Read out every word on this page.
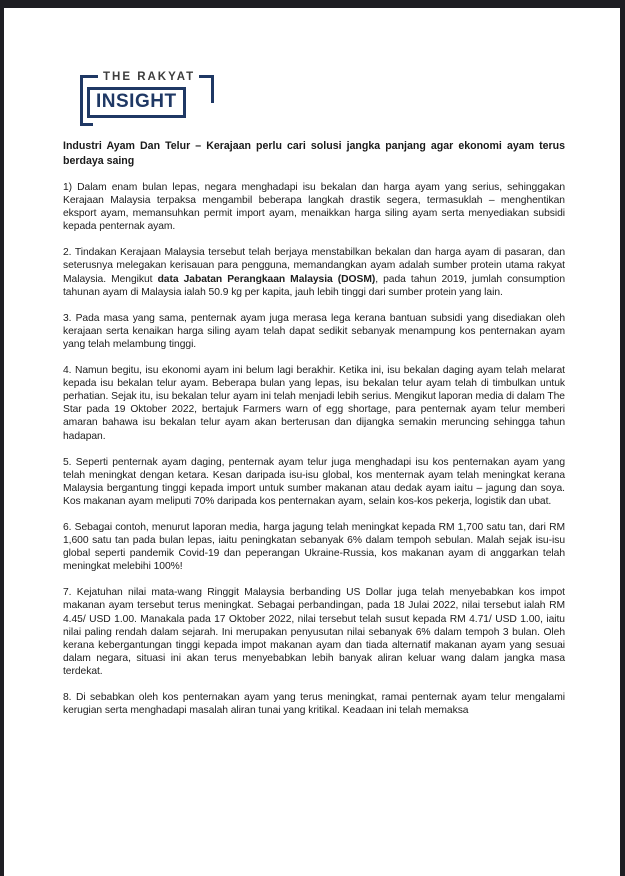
THE RAKYAT
INSIGHT
Industri Ayam Dan Telur – Kerajaan perlu cari solusi jangka panjang agar ekonomi ayam terus berdaya saing

1) Dalam enam bulan lepas, negara menghadapi isu bekalan dan harga ayam yang serius, sehinggakan Kerajaan Malaysia terpaksa mengambil beberapa langkah drastik segera, termasuklah – menghentikan eksport ayam, memansuhkan permit import ayam, menaikkan harga siling ayam serta menyediakan subsidi kepada penternak ayam.

2. Tindakan Kerajaan Malaysia tersebut telah berjaya menstabilkan bekalan dan harga ayam di pasaran, dan seterusnya melegakan kerisauan para pengguna, memandangkan ayam adalah sumber protein utama rakyat Malaysia. Mengikut data Jabatan Perangkaan Malaysia (DOSM), pada tahun 2019, jumlah consumption tahunan ayam di Malaysia ialah 50.9 kg per kapita, jauh lebih tinggi dari sumber protein yang lain.

3. Pada masa yang sama, penternak ayam juga merasa lega kerana bantuan subsidi yang disediakan oleh kerajaan serta kenaikan harga siling ayam telah dapat sedikit sebanyak menampung kos penternakan ayam yang telah melambung tinggi.

4. Namun begitu, isu ekonomi ayam ini belum lagi berakhir. Ketika ini, isu bekalan daging ayam telah melarat kepada isu bekalan telur ayam. Beberapa bulan yang lepas, isu bekalan telur ayam telah di timbulkan untuk perhatian. Sejak itu, isu bekalan telur ayam ini telah menjadi lebih serius. Mengikut laporan media di dalam The Star pada 19 Oktober 2022, bertajuk Farmers warn of egg shortage, para penternak ayam telur memberi amaran bahawa isu bekalan telur ayam akan berterusan dan dijangka semakin meruncing sehingga tahun hadapan.

5. Seperti penternak ayam daging, penternak ayam telur juga menghadapi isu kos penternakan ayam yang telah meningkat dengan ketara. Kesan daripada isu-isu global, kos menternak ayam telah meningkat kerana Malaysia bergantung tinggi kepada import untuk sumber makanan atau dedak ayam iaitu – jagung dan soya. Kos makanan ayam meliputi 70% daripada kos penternakan ayam, selain kos-kos pekerja, logistik dan ubat.

6. Sebagai contoh, menurut laporan media, harga jagung telah meningkat kepada RM 1,700 satu tan, dari RM 1,600 satu tan pada bulan lepas, iaitu peningkatan sebanyak 6% dalam tempoh sebulan. Malah sejak isu-isu global seperti pandemik Covid-19 dan peperangan Ukraine-Russia, kos makanan ayam di anggarkan telah meningkat melebihi 100%!

7. Kejatuhan nilai mata-wang Ringgit Malaysia berbanding US Dollar juga telah menyebabkan kos impot makanan ayam tersebut terus meningkat. Sebagai perbandingan, pada 18 Julai 2022, nilai tersebut ialah RM 4.45/ USD 1.00. Manakala pada 17 Oktober 2022, nilai tersebut telah susut kepada RM 4.71/ USD 1.00, iaitu nilai paling rendah dalam sejarah. Ini merupakan penyusutan nilai sebanyak 6% dalam tempoh 3 bulan. Oleh kerana kebergantungan tinggi kepada impot makanan ayam dan tiada alternatif makanan ayam yang sesuai dalam negara, situasi ini akan terus menyebabkan lebih banyak aliran keluar wang dalam jangka masa terdekat.

8. Di sebabkan oleh kos penternakan ayam yang terus meningkat, ramai penternak ayam telur mengalami kerugian serta menghadapi masalah aliran tunai yang kritikal. Keadaan ini telah memaksa
